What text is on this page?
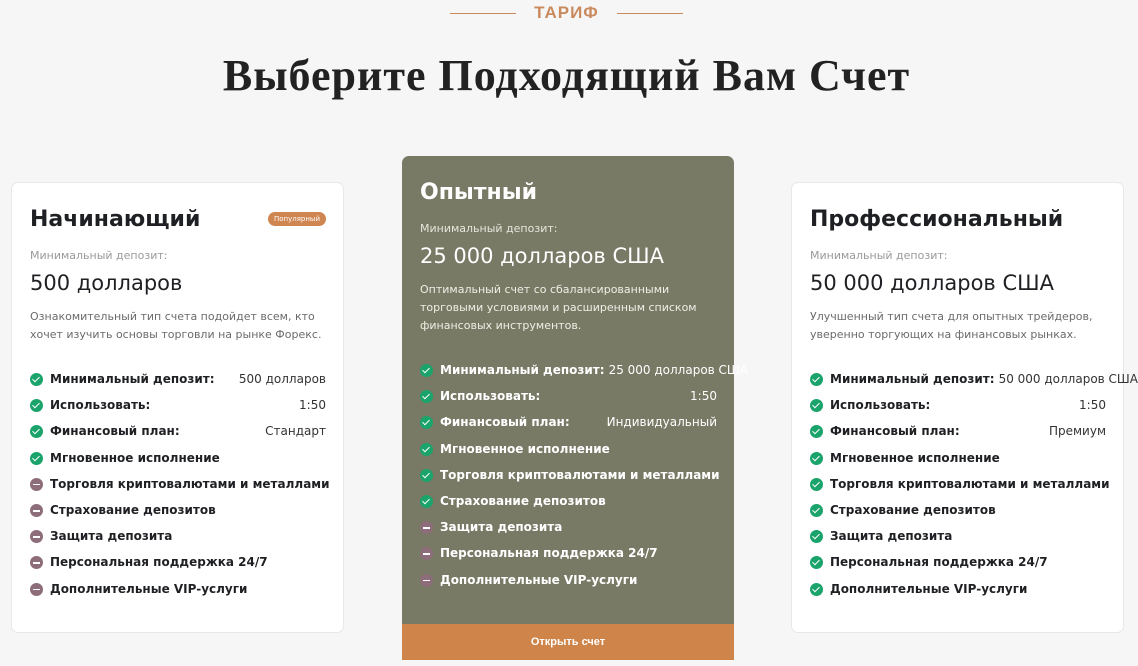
ТАРИФ
Выберите Подходящий Вам Счет
Начинающий	Популярный
Минимальный депозит:
500 долларов
Ознакомительный тип счета подойдет всем, кто хочет изучить основы торговли на рынке Форекс.
Минимальный депозит:	500 долларов
Использовать:	1:50
Финансовый план:	Стандарт
Мгновенное исполнение
Торговля криптовалютами и металлами
Страхование депозитов
Защита депозита
Персональная поддержка 24/7
Дополнительные VIP-услуги
Опытный
Минимальный депозит:
25 000 долларов США
Оптимальный счет со сбалансированными торговыми условиями и расширенным списком финансовых инструментов.
Минимальный депозит: 25 000 долларов США
Использовать:	1:50
Финансовый план:	Индивидуальный
Мгновенное исполнение
Торговля криптовалютами и металлами
Страхование депозитов
Защита депозита
Персональная поддержка 24/7
Дополнительные VIP-услуги
Открыть счет
Профессиональный
Минимальный депозит:
50 000 долларов США
Улучшенный тип счета для опытных трейдеров, уверенно торгующих на финансовых рынках.
Минимальный депозит: 50 000 долларов США
Использовать:	1:50
Финансовый план:	Премиум
Мгновенное исполнение
Торговля криптовалютами и металлами
Страхование депозитов
Защита депозита
Персональная поддержка 24/7
Дополнительные VIP-услуги
